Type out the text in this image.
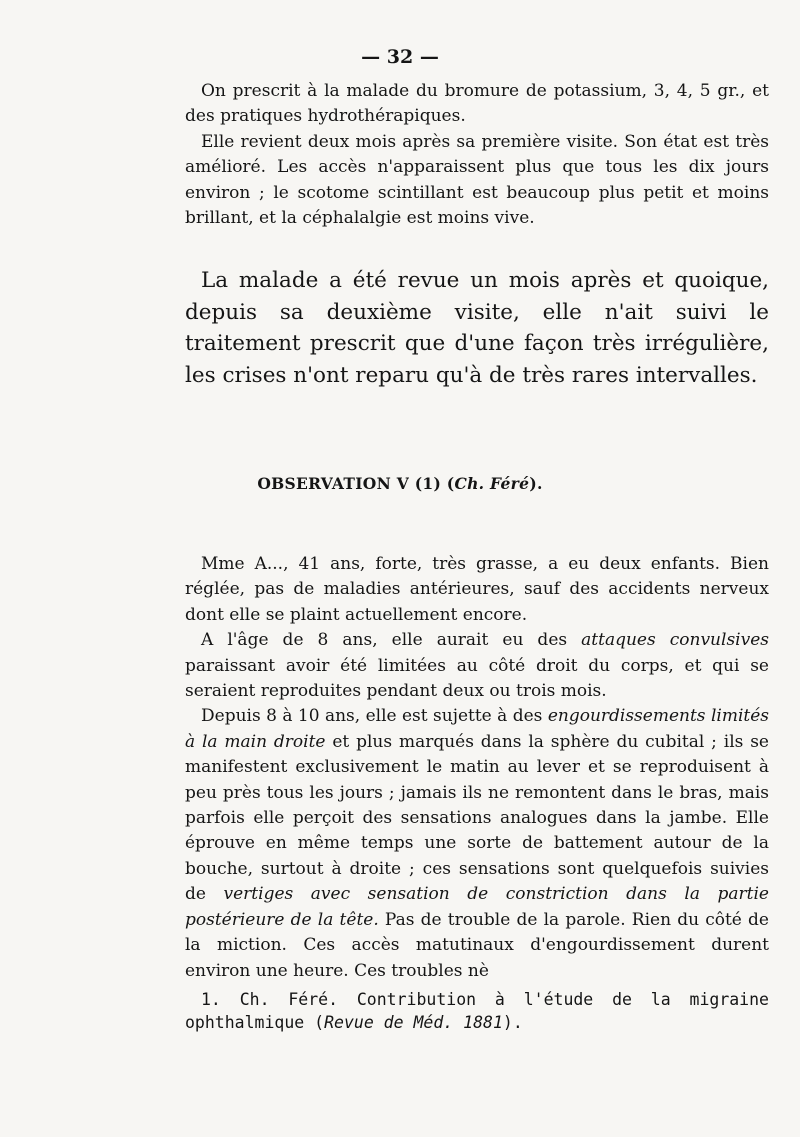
— 32 —

On prescrit à la malade du bromure de potassium, 3, 4, 5 gr., et des pratiques hydrothérapiques.

Elle revient deux mois après sa première visite. Son état est très amélioré. Les accès n'apparaissent plus que tous les dix jours environ ; le scotome scintillant est beaucoup plus petit et moins brillant, et la céphalalgie est moins vive.

La malade a été revue un mois après et quoique, depuis sa deuxième visite, elle n'ait suivi le traitement prescrit que d'une façon très irrégulière, les crises n'ont reparu qu'à de très rares intervalles.

OBSERVATION V (1) (Ch. Féré).

Mme A..., 41 ans, forte, très grasse, a eu deux enfants. Bien réglée, pas de maladies antérieures, sauf des accidents nerveux dont elle se plaint actuellement encore.

A l'âge de 8 ans, elle aurait eu des attaques convulsives paraissant avoir été limitées au côté droit du corps, et qui se seraient reproduites pendant deux ou trois mois.

Depuis 8 à 10 ans, elle est sujette à des engourdissements limités à la main droite et plus marqués dans la sphère du cubital ; ils se manifestent exclusivement le matin au lever et se reproduisent à peu près tous les jours ; jamais ils ne remontent dans le bras, mais parfois elle perçoit des sensations analogues dans la jambe. Elle éprouve en même temps une sorte de battement autour de la bouche, surtout à droite ; ces sensations sont quelquefois suivies de vertiges avec sensation de constriction dans la partie postérieure de la tête. Pas de trouble de la parole. Rien du côté de la miction. Ces accès matutinaux d'engourdissement durent environ une heure. Ces troubles nè

1. Ch. Féré. Contribution à l'étude de la migraine ophthalmique (Revue de Méd. 1881).
